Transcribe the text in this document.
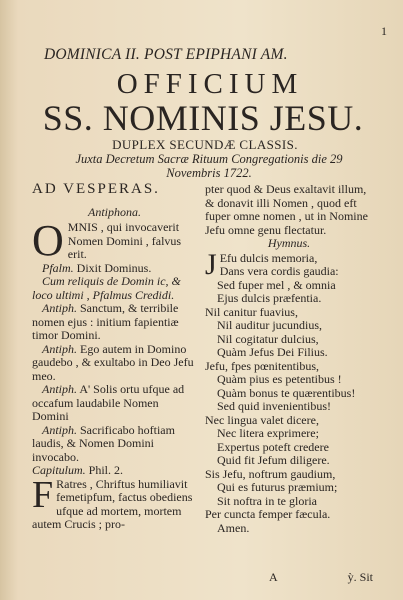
1
DOMINICA II. POST EPIPHANI AM.
OFFICIUM
SS. NOMINIS JESU.
DUPLEX SECUNDÆ CLASSIS.
Juxta Decretum Sacræ Rituum Congregationis die 29
Novembris 1722.
AD VESPERAS.
Antiphona.
O MNIS , qui invocaverit Nomen Domini , falvus erit.

Pfalm. Dixit Dominus.

Cum reliquis de Domin ic, & loco ultimi , Pfalmus Credidi.

Antiph. Sanctum, & terribile nomen ejus : initium fapientiæ timor Domini.

Antiph. Ego autem in Domino gaudebo , & exultabo in Deo Jefu meo.

Antiph. A' Solis ortu ufque ad occafum laudabile Nomen Domini

Antiph. Sacrificabo hoftiam laudis, & Nomen Domini invocabo.

Capitulum. Phil. 2.

F Ratres , Chriftus humiliavit femetipfum, factus obediens ufque ad mortem, mortem autem Crucis ; pro-
pter quod & Deus exaltavit illum, & donavit illi Nomen , quod eft fuper omne nomen , ut in Nomine Jefu omne genu flectatur.
Hymnus.
J Efu dulcis memoria,
Dans vera cordis gaudia:
Sed fuper mel , & omnia
Ejus dulcis præfentia.
Nil canitur fuavius,
Nil auditur jucundius,
Nil cogitatur dulcius,
Quàm Jefus Dei Filius.
Jefu, fpes pœnitentibus,
Quàm pius es petentibus !
Quàm bonus te quærentibus!
Sed quid invenientibus!
Nec lingua valet dicere,
Nec litera exprimere;
Expertus poteft credere
Quid fit Jefum diligere.
Sis Jefu, noftrum gaudium,
Qui es futurus præmium;
Sit noftra in te gloria
Per cuncta femper fæcula.
Amen.
A	ỳ. Sit
